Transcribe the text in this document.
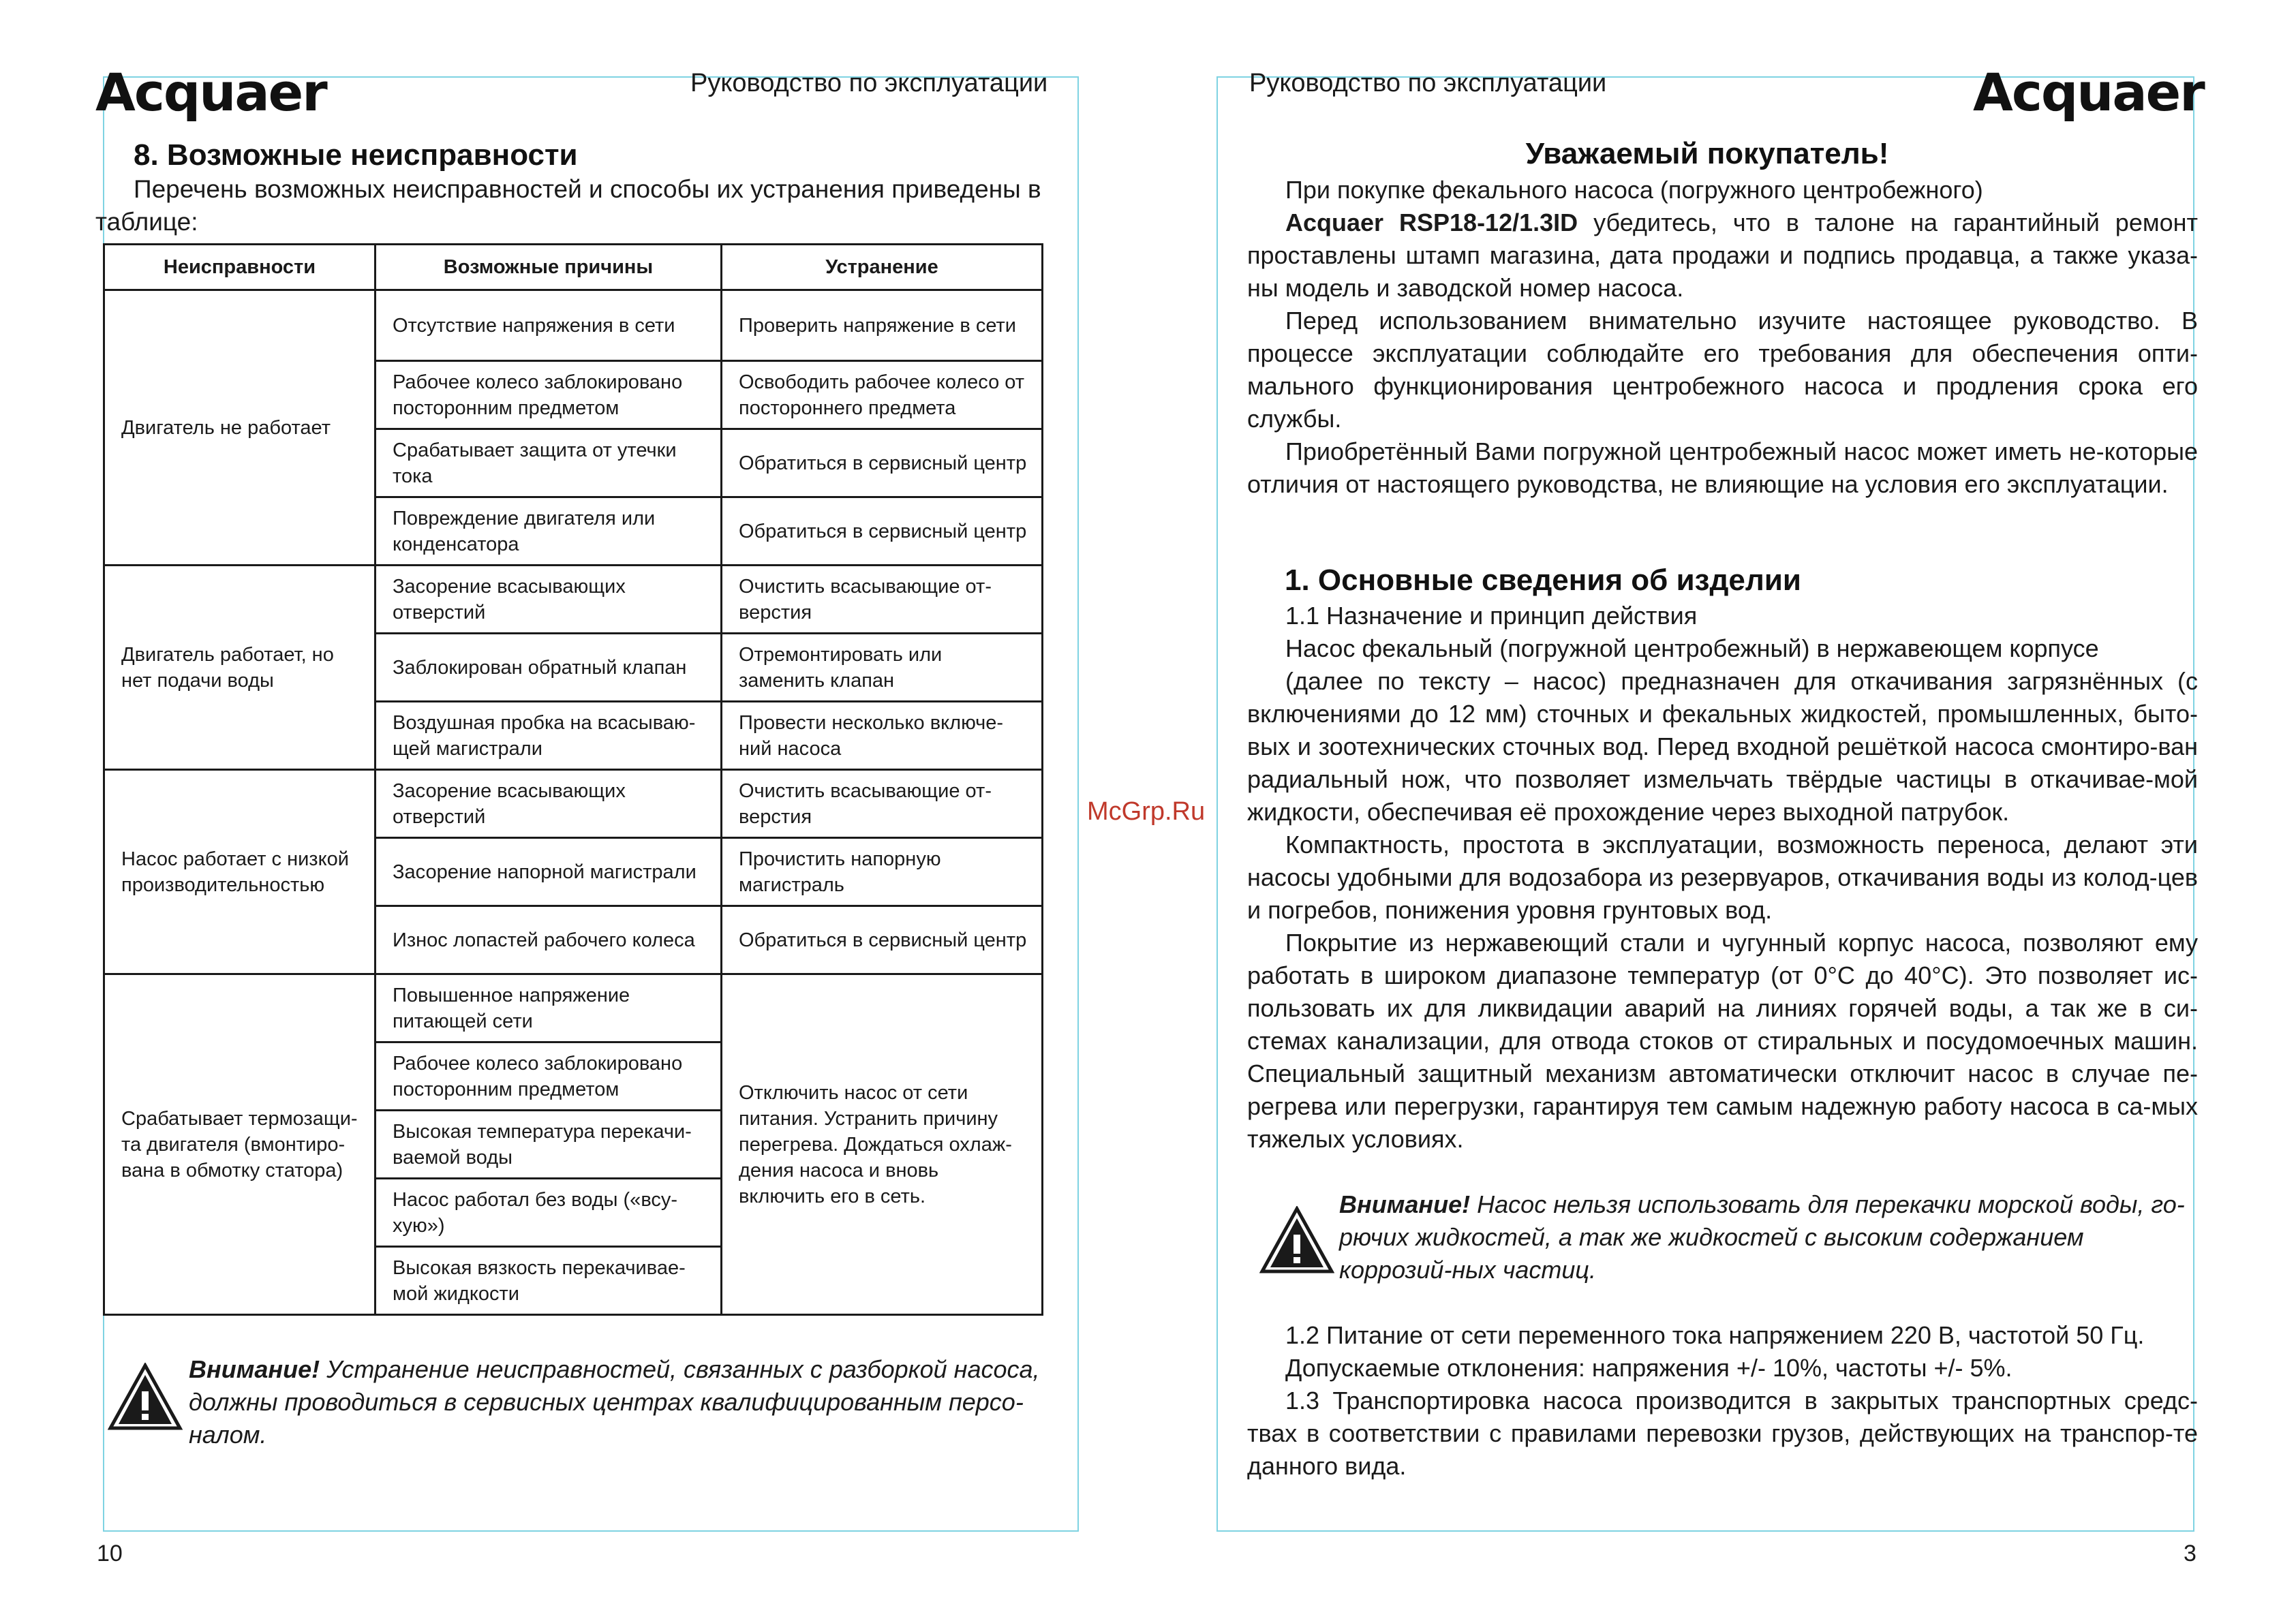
Acquaer	Руководство по эксплуатации
8. Возможные неисправности
Перечень возможных неисправностей и способы их устранения приведены в таблице:
Неисправности	Возможные причины	Устранение
Двигатель не работает	Отсутствие напряжения в сети	Проверить напряжение в сети
	Рабочее колесо заблокировано посторонним предметом	Освободить рабочее колесо от постороннего предмета
	Срабатывает защита от утечки тока	Обратиться в сервисный центр
	Повреждение двигателя или конденсатора	Обратиться в сервисный центр
Двигатель работает, но нет подачи воды	Засорение всасывающих отверстий	Очистить всасывающие от-верстия
	Заблокирован обратный клапан	Отремонтировать или заменить клапан
	Воздушная пробка на всасываю-щей магистрали	Провести несколько включе-ний насоса
Насос работает с низкой производительностью	Засорение всасывающих отверстий	Очистить всасывающие от-верстия
	Засорение напорной магистрали	Прочистить напорную магистраль
	Износ лопастей рабочего колеса	Обратиться в сервисный центр
Срабатывает термозащи-та двигателя (вмонтиро-вана в обмотку статора)	Повышенное напряжение питающей сети	Отключить насос от сети питания. Устранить причину перегрева. Дождаться охлаж-дения насоса и вновь включить его в сеть.
	Рабочее колесо заблокировано посторонним предметом	
	Высокая температура перекачи-ваемой воды	
	Насос работал без воды («всу-хую»)	
	Высокая вязкость перекачивае-мой жидкости	
Внимание! Устранение неисправностей, связанных с разборкой насоса, должны проводиться в сервисных центрах квалифицированным персо-налом.
10
McGrp.Ru
Руководство по эксплуатации	Acquaer
Уважаемый покупатель!
При покупке фекального насоса (погружного центробежного)
Acquaer RSP18-12/1.3ID убедитесь, что в талоне на гарантийный ремонт проставлены штамп магазина, дата продажи и подпись продавца, а также указа-ны модель и заводской номер насоса.
Перед использованием внимательно изучите настоящее руководство. В процессе эксплуатации соблюдайте его требования для обеспечения опти-мального функционирования центробежного насоса и продления срока его службы.
Приобретённый Вами погружной центробежный насос может иметь не-которые отличия от настоящего руководства, не влияющие на условия его эксплуатации.
1. Основные сведения об изделии
1.1 Назначение и принцип действия
Насос фекальный (погружной центробежный) в нержавеющем корпусе
(далее по тексту – насос) предназначен для откачивания загрязнённых (с включениями до 12 мм) сточных и фекальных жидкостей, промышленных, быто-вых и зоотехнических сточных вод. Перед входной решёткой насоса смонтиро-ван радиальный нож, что позволяет измельчать твёрдые частицы в откачивае-мой жидкости, обеспечивая её прохождение через выходной патрубок.
Компактность, простота в эксплуатации, возможность переноса, делают эти насосы удобными для водозабора из резервуаров, откачивания воды из колод-цев и погребов, понижения уровня грунтовых вод.
Покрытие из нержавеющий стали и чугунный корпус насоса, позволяют ему работать в широком диапазоне температур (от 0°С до 40°С). Это позволяет ис-пользовать их для ликвидации аварий на линиях горячей воды, а так же в си-стемах канализации, для отвода стоков от стиральных и посудомоечных машин. Специальный защитный механизм автоматически отключит насос в случае пе-регрева или перегрузки, гарантируя тем самым надежную работу насоса в са-мых тяжелых условиях.
Внимание! Насос нельзя использовать для перекачки морской воды, го-рючих жидкостей, а так же жидкостей с высоким содержанием коррозий-ных частиц.
1.2 Питание от сети переменного тока напряжением 220 В, частотой 50 Гц.
Допускаемые отклонения: напряжения +/- 10%, частоты +/- 5%.
1.3 Транспортировка насоса производится в закрытых транспортных средс-твах в соответствии с правилами перевозки грузов, действующих на транспор-те данного вида.
3
